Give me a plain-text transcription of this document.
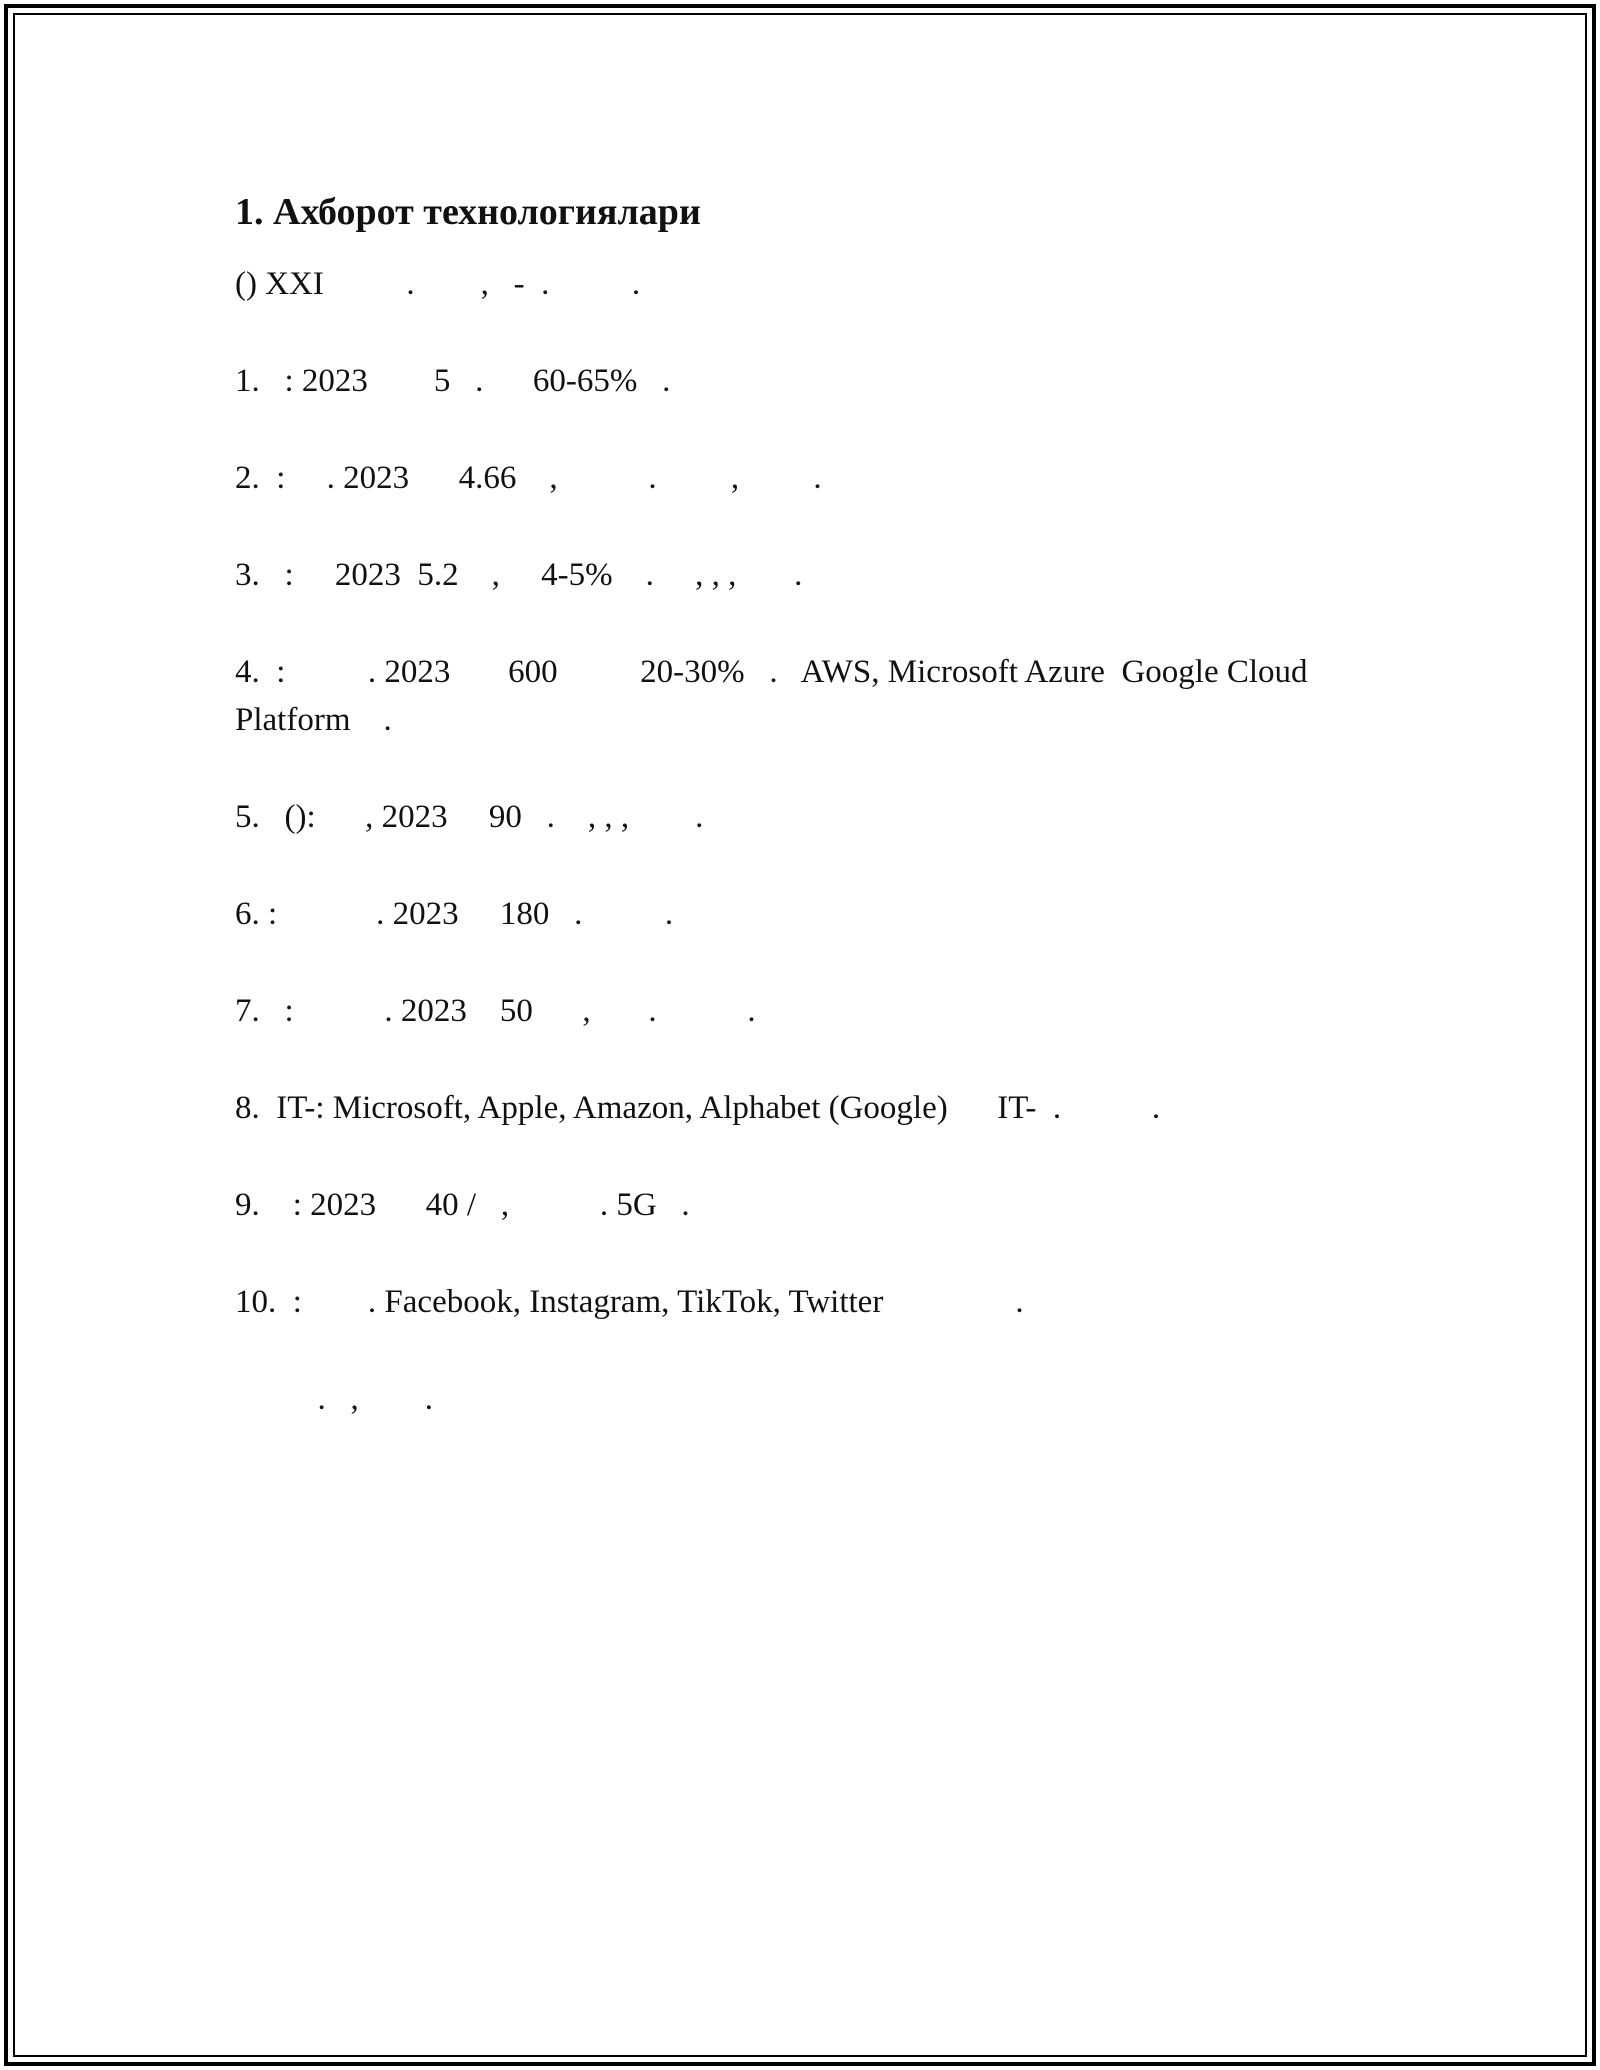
1. Ахборот технологиялари

() XXI          .        ,   -  .          .

1.   : 2023        5   .      60-65%   .
2.  :     . 2023      4.66    ,           .         ,         .
3.   :     2023  5.2    ,     4-5%    .     , , ,       .
4.  :          . 2023       600          20-30%   .   AWS, Microsoft Azure  Google Cloud Platform    .
5.   ():      , 2023     90   .    , , ,        .
6. :            . 2023     180   .          .
7.   :           . 2023    50      ,       .           .
8.  IT-: Microsoft, Apple, Amazon, Alphabet (Google)      IT-  .           .
9.    : 2023      40 /   ,           . 5G   .
10.  :        . Facebook, Instagram, TikTok, Twitter                .

.   ,        .
